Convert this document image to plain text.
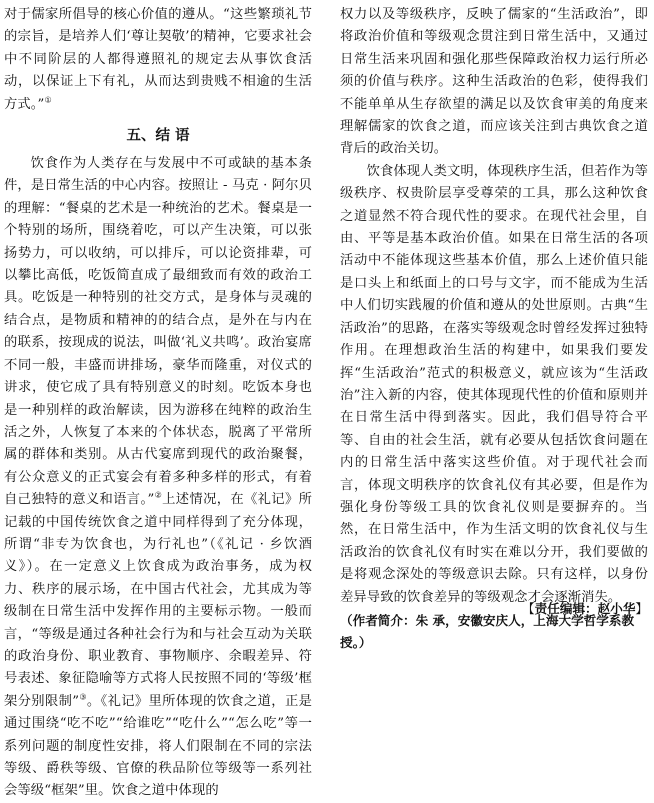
对于儒家所倡导的核心价值的遵从。“这些繁琐礼节的宗旨，是培养人们‘尊让契敬’的精神，它要求社会中不同阶层的人都得遵照礼的规定去从事饮食活动，以保证上下有礼，从而达到贵贱不相逾的生活方式。”①

五、结 语

饮食作为人类存在与发展中不可或缺的基本条件，是日常生活的中心内容。按照让 - 马克 · 阿尔贝的理解：“餐桌的艺术是一种统治的艺术。餐桌是一个特别的场所，围绕着吃，可以产生决策，可以张扬势力，可以收纳，可以排斥，可以论资排辈，可以攀比高低，吃饭简直成了最细致而有效的政治工具。吃饭是一种特别的社交方式，是身体与灵魂的结合点，是物质和精神的的结合点，是外在与内在的联系，按现成的说法，叫做‘礼义共鸣’。政治宴席不同一般，丰盛而讲排场，豪华而隆重，对仪式的讲求，使它成了具有特别意义的时刻。吃饭本身也是一种别样的政治解读，因为游移在纯粹的政治生活之外，人恢复了本来的个体状态，脱离了平常所属的群体和类别。从古代宴席到现代的政治聚餐，有公众意义的正式宴会有着多种多样的形式，有着自己独特的意义和语言。”②上述情况，在《礼记》所记载的中国传统饮食之道中同样得到了充分体现，所谓“非专为饮食也，为行礼也”（《礼记 · 乡饮酒义》）。在一定意义上饮食成为政治事务，成为权力、秩序的展示场，在中国古代社会，尤其成为等级制在日常生活中发挥作用的主要标示物。一般而言，“等级是通过各种社会行为和与社会互动为关联的政治身份、职业教育、事物顺序、余暇差异、符号表述、象征隐喻等方式将人民按照不同的‘等级’框架分别限制”③。《礼记》里所体现的饮食之道，正是通过围绕“吃不吃”“给谁吃”“吃什么”“怎么吃”等一系列问题的制度性安排，将人们限制在不同的宗法等级、爵秩等级、官僚的秩品阶位等级等一系列社会等级“框架”里。饮食之道中体现的

权力以及等级秩序，反映了儒家的“生活政治”，即将政治价值和等级观念贯注到日常生活中，又通过日常生活来巩固和强化那些保障政治权力运行所必须的价值与秩序。这种生活政治的色彩，使得我们不能单单从生存欲望的满足以及饮食审美的角度来理解儒家的饮食之道，而应该关注到古典饮食之道背后的政治关切。

饮食体现人类文明，体现秩序生活，但若作为等级秩序、权贵阶层享受尊荣的工具，那么这种饮食之道显然不符合现代性的要求。在现代社会里，自由、平等是基本政治价值。如果在日常生活的各项活动中不能体现这些基本价值，那么上述价值只能是口头上和纸面上的口号与文字，而不能成为生活中人们切实践履的价值和遵从的处世原则。古典“生活政治”的思路，在落实等级观念时曾经发挥过独特作用。在理想政治生活的构建中，如果我们要发挥“生活政治”范式的积极意义，就应该为“生活政治”注入新的内容，使其体现现代性的价值和原则并在日常生活中得到落实。因此，我们倡导符合平等、自由的社会生活，就有必要从包括饮食问题在内的日常生活中落实这些价值。对于现代社会而言，体现文明秩序的饮食礼仪有其必要，但是作为强化身份等级工具的饮食礼仪则是要摒弃的。当然，在日常生活中，作为生活文明的饮食礼仪与生活政治的饮食礼仪有时实在难以分开，我们要做的是将观念深处的等级意识去除。只有这样，以身份差异导致的饮食差异的等级观念才会逐渐消失。

（作者简介：朱 承，安徽安庆人，上海大学哲学系教授。）
【责任编辑：赵小华】
